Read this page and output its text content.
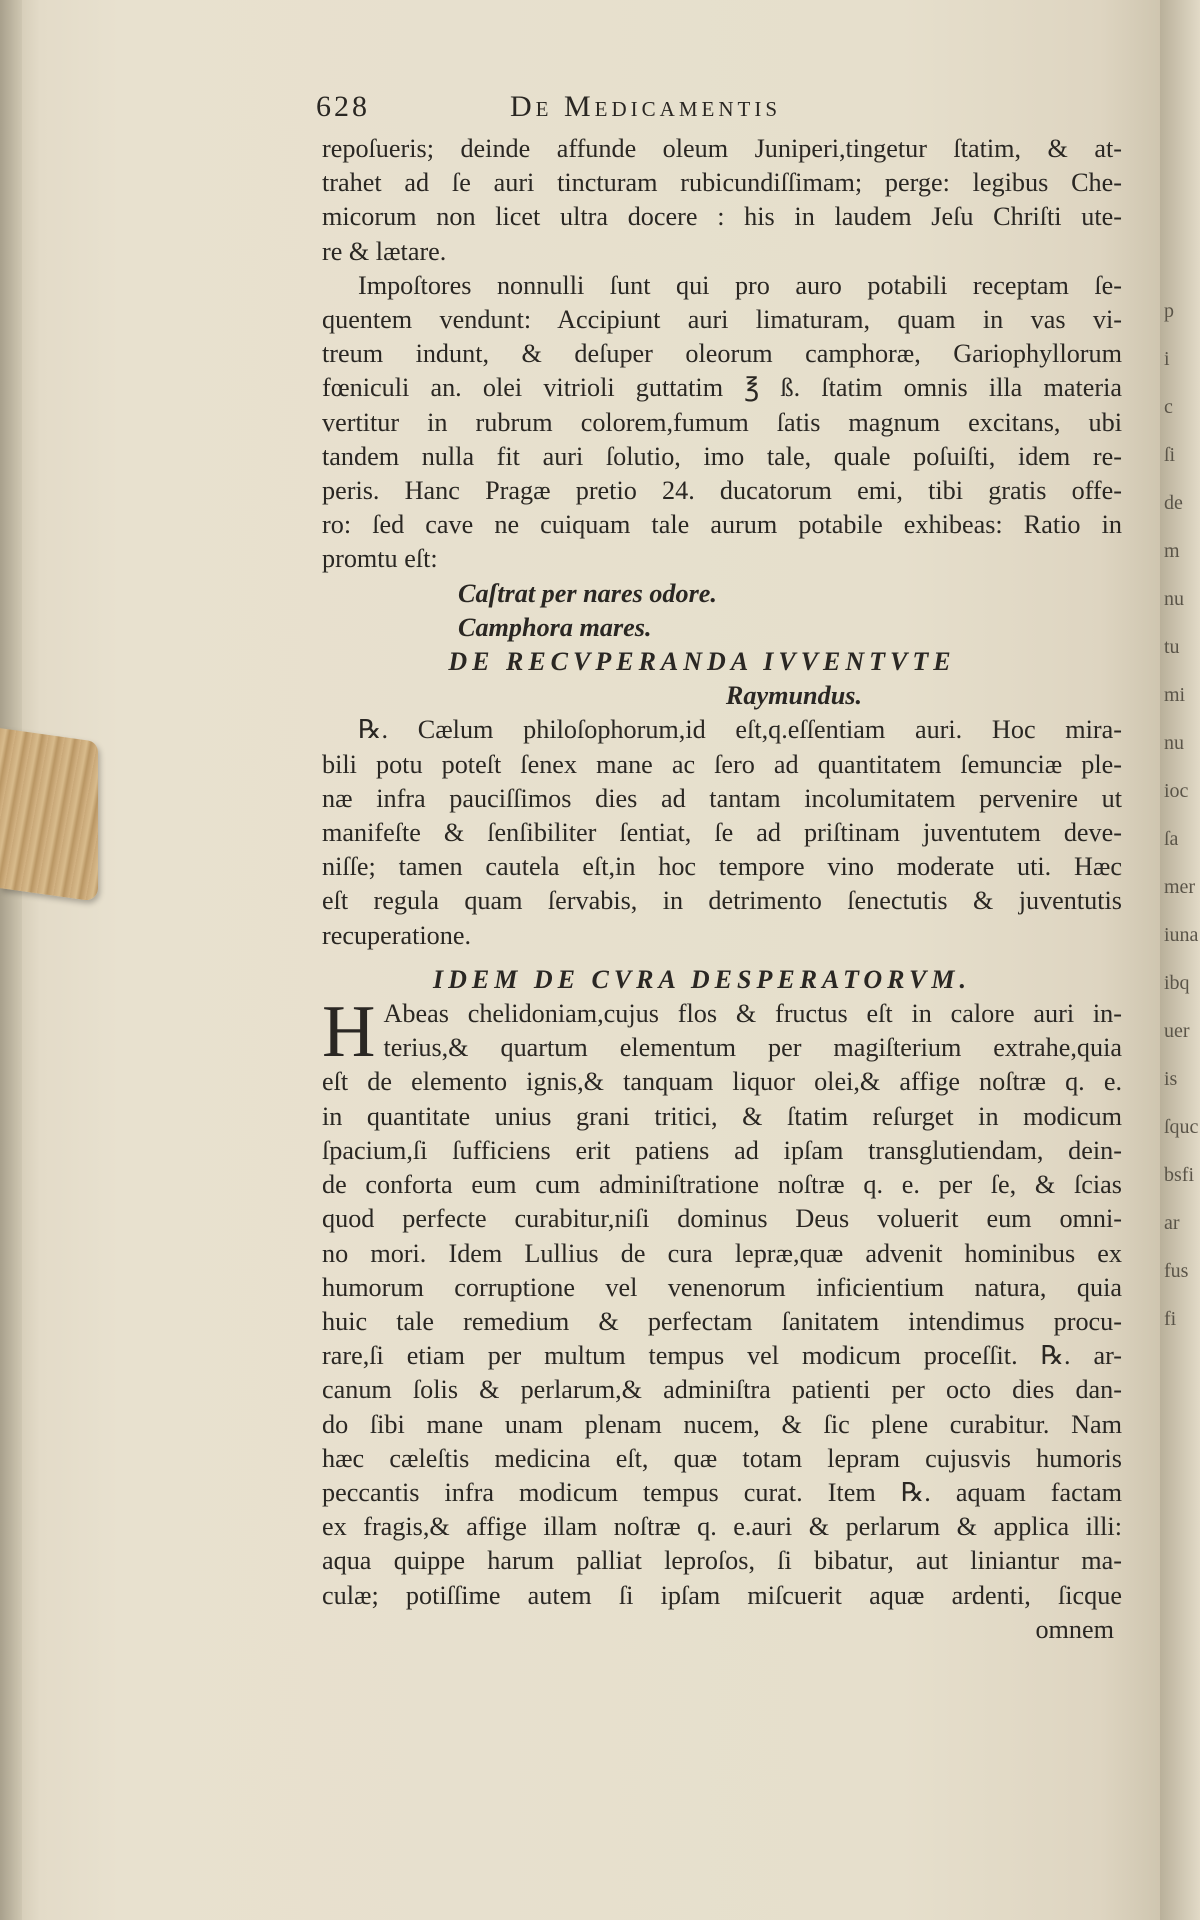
628	De Medicamentis
repoſueris; deinde affunde oleum Juniperi,tingetur ſtatim, & at-
trahet ad ſe auri tincturam rubicundiſſimam; perge: legibus Che-
micorum non licet ultra docere : his in laudem Jeſu Chriſti ute-
re & lætare.
Impoſtores nonnulli ſunt qui pro auro potabili receptam ſe-
quentem vendunt: Accipiunt auri limaturam, quam in vas vi-
treum indunt, & deſuper oleorum camphoræ, Gariophyllorum
fœniculi an. olei vitrioli guttatim ℥ ß. ſtatim omnis illa materia
vertitur in rubrum colorem,fumum ſatis magnum excitans, ubi
tandem nulla fit auri ſolutio, imo tale, quale poſuiſti, idem re-
peris. Hanc Pragæ pretio 24. ducatorum emi, tibi gratis offe-
ro: ſed cave ne cuiquam tale aurum potabile exhibeas: Ratio in
promtu eſt:
Caſtrat per nares odore.
Camphora mares.
DE RECVPERANDA IVVENTVTE
Raymundus.
℞. Cælum philoſophorum,id eſt,q.eſſentiam auri. Hoc mira-
bili potu poteſt ſenex mane ac ſero ad quantitatem ſemunciæ ple-
næ infra pauciſſimos dies ad tantam incolumitatem pervenire ut
manifeſte & ſenſibiliter ſentiat, ſe ad priſtinam juventutem deve-
niſſe; tamen cautela eſt,in hoc tempore vino moderate uti. Hæc
eſt regula quam ſervabis, in detrimento ſenectutis & juventutis
recuperatione.
IDEM DE CVRA DESPERATORVM.
H Abeas chelidoniam,cujus flos & fructus eſt in calore auri in-
terius,& quartum elementum per magiſterium extrahe,quia
eſt de elemento ignis,& tanquam liquor olei,& affige noſtræ q. e.
in quantitate unius grani tritici, & ſtatim reſurget in modicum
ſpacium,ſi ſufficiens erit patiens ad ipſam transglutiendam, dein-
de conforta eum cum adminiſtratione noſtræ q. e. per ſe, & ſcias
quod perfecte curabitur,niſi dominus Deus voluerit eum omni-
no mori. Idem Lullius de cura lepræ,quæ advenit hominibus ex
humorum corruptione vel venenorum inficientium natura, quia
huic tale remedium & perfectam ſanitatem intendimus procu-
rare,ſi etiam per multum tempus vel modicum proceſſit. ℞. ar-
canum ſolis & perlarum,& adminiſtra patienti per octo dies dan-
do ſibi mane unam plenam nucem, & ſic plene curabitur. Nam
hæc cæleſtis medicina eſt, quæ totam lepram cujusvis humoris
peccantis infra modicum tempus curat. Item ℞. aquam factam
ex fragis,& affige illam noſtræ q. e.auri & perlarum & applica illi:
aqua quippe harum palliat leproſos, ſi bibatur, aut liniantur ma-
culæ; potiſſime autem ſi ipſam miſcuerit aquæ ardenti, ſicque
omnem
p
i
c
ſi
de
m
nu
tu
mi
nu
ioc
ſa
mer
iuna
ibq
uer
is
ſquc
bsfi
ar
fus
fi
